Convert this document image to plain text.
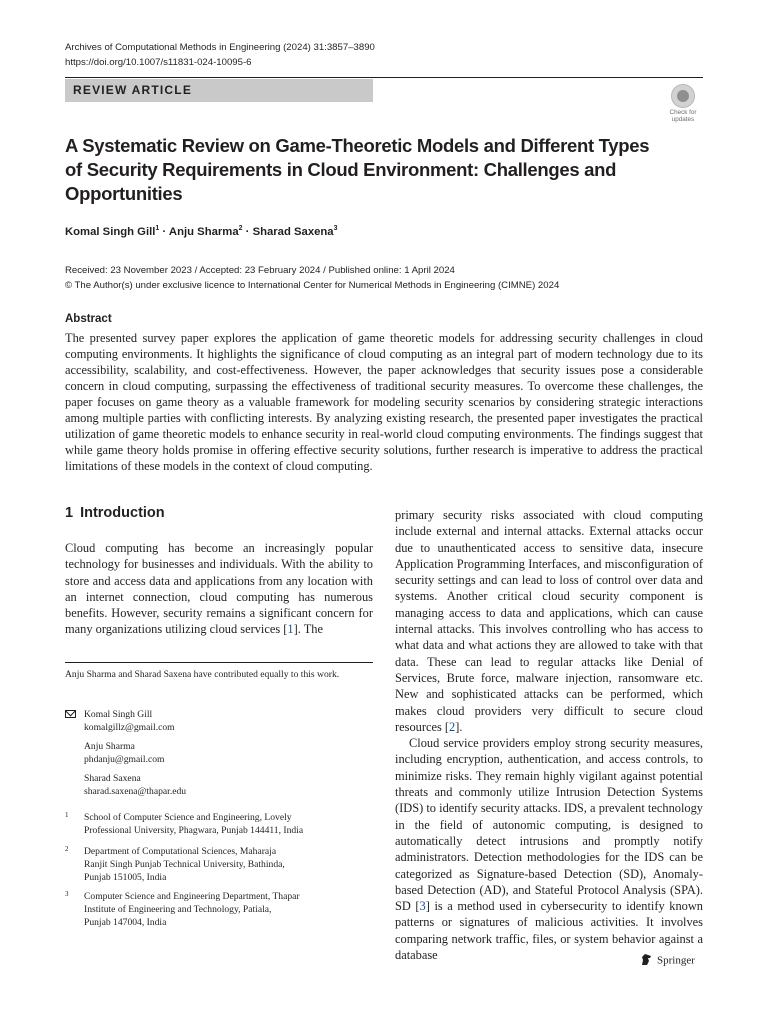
Archives of Computational Methods in Engineering (2024) 31:3857–3890
https://doi.org/10.1007/s11831-024-10095-6
REVIEW ARTICLE
Check for
updates
A Systematic Review on Game-Theoretic Models and Different Types of Security Requirements in Cloud Environment: Challenges and Opportunities
Komal Singh Gill$^1$ · Anju Sharma$^2$ · Sharad Saxena$^3$
Received: 23 November 2023 / Accepted: 23 February 2024 / Published online: 1 April 2024
© The Author(s) under exclusive licence to International Center for Numerical Methods in Engineering (CIMNE) 2024
Abstract
The presented survey paper explores the application of game theoretic models for addressing security challenges in cloud computing environments. It highlights the significance of cloud computing as an integral part of modern technology due to its accessibility, scalability, and cost-effectiveness. However, the paper acknowledges that security issues pose a considerable concern in cloud computing, surpassing the effectiveness of traditional security measures. To overcome these challenges, the paper focuses on game theory as a valuable framework for modeling security scenarios by considering strategic interactions among multiple parties with conflicting interests. By analyzing existing research, the presented paper investigates the practical utilization of game theoretic models to enhance security in real-world cloud computing environments. The findings suggest that while game theory holds promise in offering effective security solutions, further research is imperative to address the practical limitations of these models in the context of cloud computing.
1 Introduction
Cloud computing has become an increasingly popular technology for businesses and individuals. With the ability to store and access data and applications from any location with an internet connection, cloud computing has numerous benefits. However, security remains a significant concern for many organizations utilizing cloud services [1]. The
Anju Sharma and Sharad Saxena have contributed equally to this work.
Komal Singh Gill
komalgillz@gmail.com
Anju Sharma
phdanju@gmail.com
Sharad Saxena
sharad.saxena@thapar.edu
1 School of Computer Science and Engineering, Lovely
Professional University, Phagwara, Punjab 144411, India
2 Department of Computational Sciences, Maharaja
Ranjit Singh Punjab Technical University, Bathinda,
Punjab 151005, India
3 Computer Science and Engineering Department, Thapar
Institute of Engineering and Technology, Patiala,
Punjab 147004, India

primary security risks associated with cloud computing include external and internal attacks. External attacks occur due to unauthenticated access to sensitive data, insecure Application Programming Interfaces, and misconfiguration of security settings and can lead to loss of control over data and systems. Another critical cloud security component is managing access to data and applications, which can cause internal attacks. This involves controlling who has access to what data and what actions they are allowed to take with that data. These can lead to regular attacks like Denial of Services, Brute force, malware injection, ransomware etc. New and sophisticated attacks can be performed, which makes cloud providers very difficult to secure cloud resources [2].

Cloud service providers employ strong security measures, including encryption, authentication, and access controls, to minimize risks. They remain highly vigilant against potential threats and commonly utilize Intrusion Detection Systems (IDS) to identify security attacks. IDS, a prevalent technology in the field of autonomic computing, is designed to automatically detect intrusions and promptly notify administrators. Detection methodologies for the IDS can be categorized as Signature-based Detection (SD), Anomaly-based Detection (AD), and Stateful Protocol Analysis (SPA). SD [3] is a method used in cybersecurity to identify known patterns or signatures of malicious activities. It involves comparing network traffic, files, or system behavior against a database	Springer
